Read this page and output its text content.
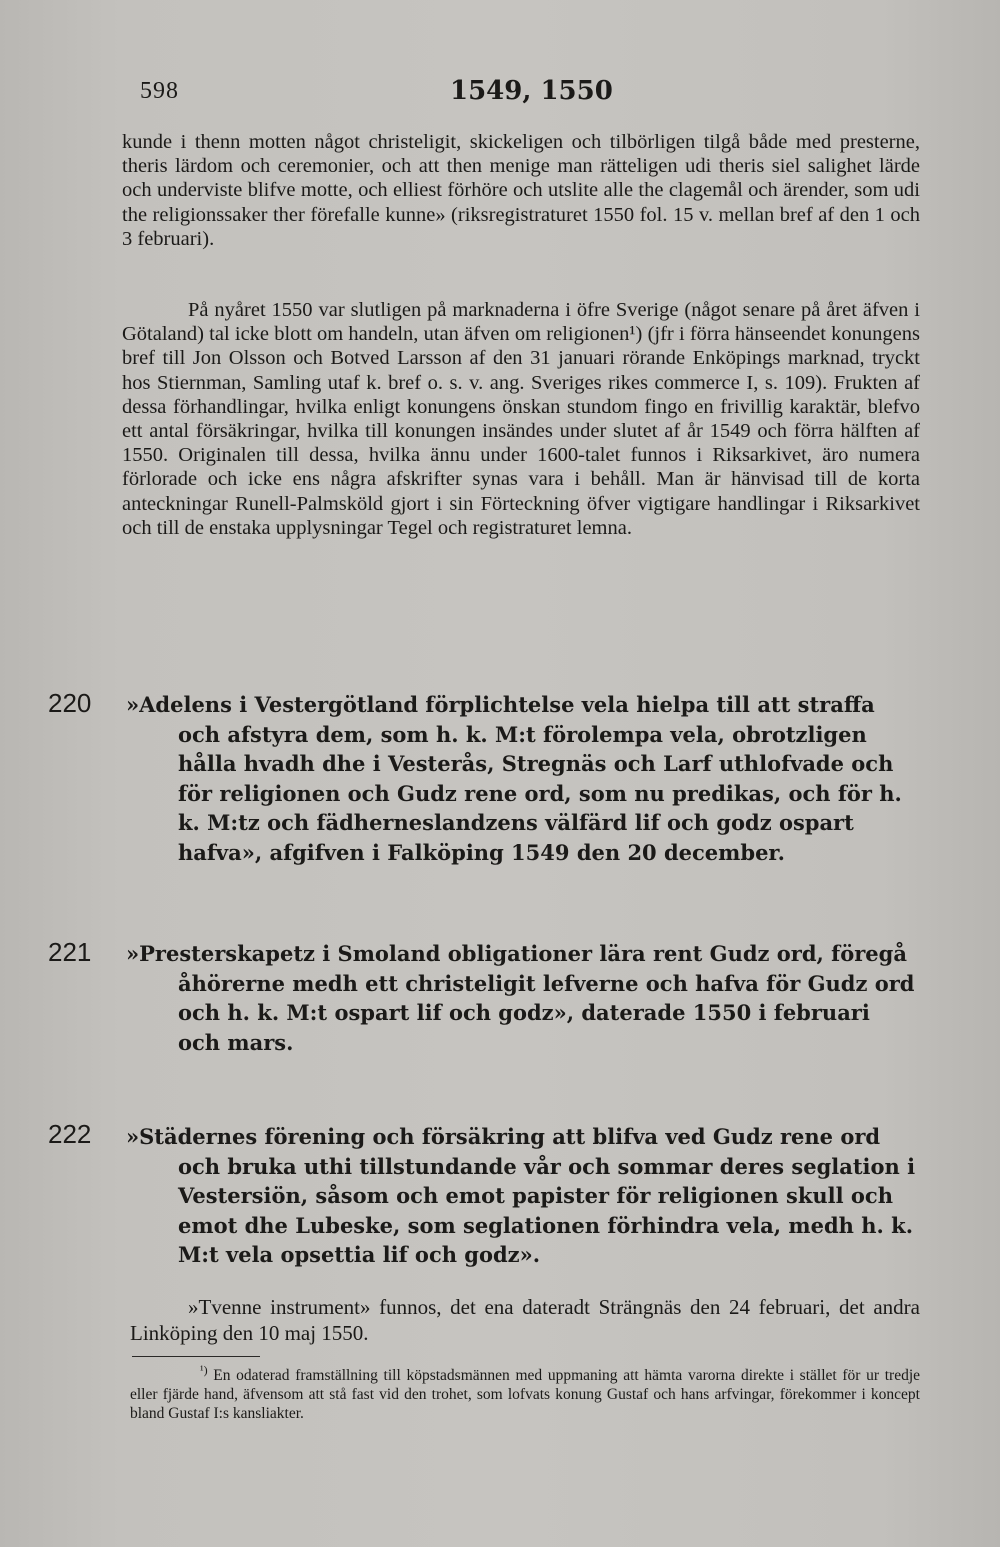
598	1549, 1550

kunde i thenn motten något christeligit, skickeligen och tilbörligen tilgå både med presterne, theris lärdom och ceremonier, och att then menige man rätteligen udi theris siel salighet lärde och underviste blifve motte, och elliest förhöre och utslite alle the clagemål och ärender, som udi the religionssaker ther förefalle kunne» (riksregistraturet 1550 fol. 15 v. mellan bref af den 1 och 3 februari).

På nyåret 1550 var slutligen på marknaderna i öfre Sverige (något senare på året äfven i Götaland) tal icke blott om handeln, utan äfven om religionen¹) (jfr i förra hänseendet konungens bref till Jon Olsson och Botved Larsson af den 31 januari rörande Enköpings marknad, tryckt hos Stiernman, Samling utaf k. bref o. s. v. ang. Sveriges rikes commerce I, s. 109). Frukten af dessa förhandlingar, hvilka enligt konungens önskan stundom fingo en frivillig karaktär, blefvo ett antal försäkringar, hvilka till konungen insändes under slutet af år 1549 och förra hälften af 1550. Originalen till dessa, hvilka ännu under 1600-talet funnos i Riksarkivet, äro numera förlorade och icke ens några afskrifter synas vara i behåll. Man är hänvisad till de korta anteckningar Runell-Palmsköld gjort i sin Förteckning öfver vigtigare handlingar i Riksarkivet och till de enstaka upplysningar Tegel och registraturet lemna.

220 »Adelens i Vestergötland förplichtelse vela hielpa till att straffa
och afstyra dem, som h. k. M:t förolempa vela, obrotzligen hålla hvadh dhe i Vesterås, Stregnäs och Larf uthlofvade och för religionen och Gudz rene ord, som nu predikas, och för h. k. M:tz och fädherneslandzens välfärd lif och godz ospart hafva», afgifven i Falköping 1549 den 20 december.

221 »Presterskapetz i Smoland obligationer lära rent Gudz ord, föregå
åhörerne medh ett christeligit lefverne och hafva för Gudz ord och h. k. M:t ospart lif och godz», daterade 1550 i februari och mars.

222 »Städernes förening och försäkring att blifva ved Gudz rene ord
och bruka uthi tillstundande vår och sommar deres seglation i Vestersiön, såsom och emot papister för religionen skull och emot dhe Lubeske, som seglationen förhindra vela, medh h. k. M:t vela opsettia lif och godz».

»Tvenne instrument» funnos, det ena dateradt Strängnäs den 24 februari, det andra Linköping den 10 maj 1550.

$^{^1)}$ En odaterad framställning till köpstadsmännen med uppmaning att hämta varorna direkte i stället för ur tredje eller fjärde hand, äfvensom att stå fast vid den trohet, som lofvats konung Gustaf och hans arfvingar, förekommer i koncept bland Gustaf I:s kansliakter.
